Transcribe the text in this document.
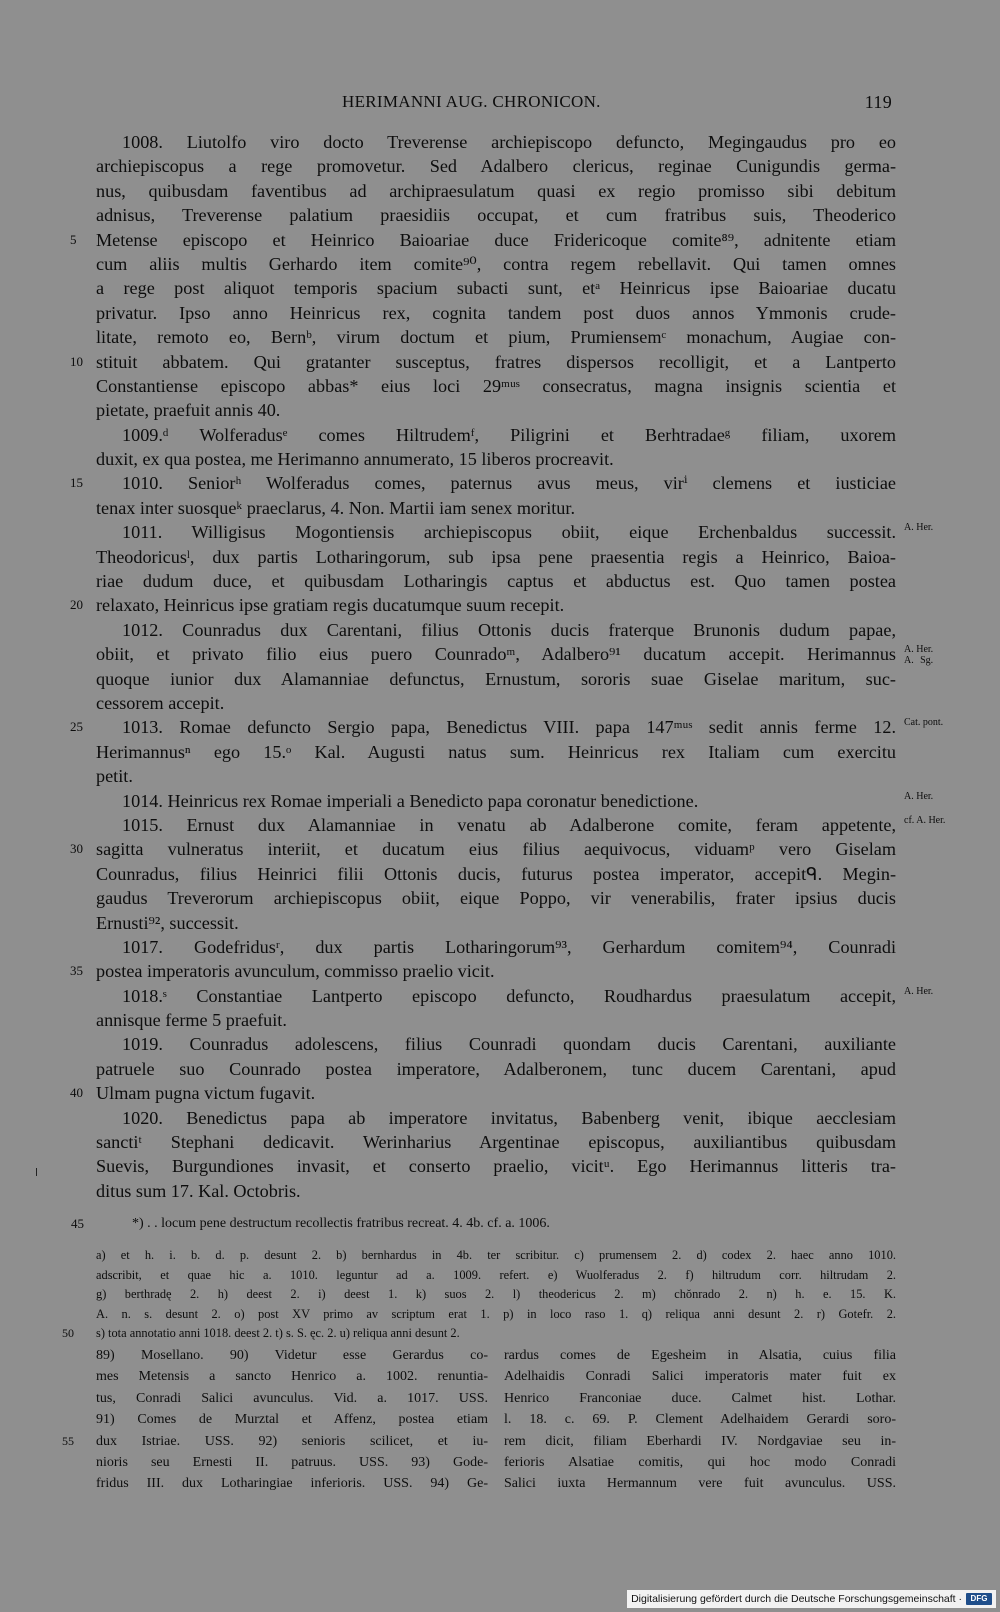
HERIMANNI AUG. CHRONICON.	119
1008. Liutolfo viro docto Treverense archiepiscopo defuncto, Megingaudus pro eo
archiepiscopus a rege promovetur. Sed Adalbero clericus, reginae Cunigundis germa-
nus, quibusdam faventibus ad archipraesulatum quasi ex regio promisso sibi debitum
adnisus, Treverense palatium praesidiis occupat, et cum fratribus suis, Theoderico
Metense episcopo et Heinrico Baioariae duce Fridericoque comite⁸⁹, adnitente etiam
5
cum aliis multis Gerhardo item comite⁹⁰, contra regem rebellavit. Qui tamen omnes
a rege post aliquot temporis spacium subacti sunt, etᵃ Heinricus ipse Baioariae ducatu
privatur. Ipso anno Heinricus rex, cognita tandem post duos annos Ymmonis crude-
litate, remoto eo, Bernᵇ, virum doctum et pium, Prumiensemᶜ monachum, Augiae con-
stituit abbatem. Qui gratanter susceptus, fratres dispersos recolligit, et a Lantperto
10
Constantiense episcopo abbas* eius loci 29ᵐᵘˢ consecratus, magna insignis scientia et
pietate, praefuit annis 40.
1009.ᵈ Wolferadusᵉ comes Hiltrudemᶠ, Piligrini et Berhtradaeᵍ filiam, uxorem
duxit, ex qua postea, me Herimanno annumerato, 15 liberos procreavit.
1010. Seniorʰ Wolferadus comes, paternus avus meus, virⁱ clemens et iusticiae
15
tenax inter suosqueᵏ praeclarus, 4. Non. Martii iam senex moritur.
1011. Willigisus Mogontiensis archiepiscopus obiit, eique Erchenbaldus successit. A. Her.
Theodoricusˡ, dux partis Lotharingorum, sub ipsa pene praesentia regis a Heinrico, Baioa-
riae dudum duce, et quibusdam Lotharingis captus et abductus est. Quo tamen postea
relaxato, Heinricus ipse gratiam regis ducatumque suum recepit.
20
1012. Counradus dux Carentani, filius Ottonis ducis fraterque Brunonis dudum papae,
obiit, et privato filio eius puero Counradoᵐ, Adalbero⁹¹ ducatum accepit. Herimannus A. Her.
A. Sg.
quoque iunior dux Alamanniae defunctus, Ernustum, sororis suae Giselae maritum, suc-
cessorem accepit.
1013. Romae defuncto Sergio papa, Benedictus VIII. papa 147ᵐᵘˢ sedit annis ferme 12.
25	Cat. pont.
Herimannusⁿ ego 15.ᵒ Kal. Augusti natus sum. Heinricus rex Italiam cum exercitu
petit.
1014. Heinricus rex Romae imperiali a Benedicto papa coronatur benedictione.	A. Her.
1015. Ernust dux Alamanniae in venatu ab Adalberone comite, feram appetente, cf. A. Her.
sagitta vulneratus interiit, et ducatum eius filius aequivocus, viduamᵖ vero Giselam
30
Counradus, filius Heinrici filii Ottonis ducis, futurus postea imperator, accepitᑫ. Megin-
gaudus Treverorum archiepiscopus obiit, eique Poppo, vir venerabilis, frater ipsius ducis
Ernusti⁹², successit.
1017. Godefridusʳ, dux partis Lotharingorum⁹³, Gerhardum comitem⁹⁴, Counradi
postea imperatoris avunculum, commisso praelio vicit.
35
1018.ˢ Constantiae Lantperto episcopo defuncto, Roudhardus praesulatum accepit, A. Her.
annisque ferme 5 praefuit.
1019. Counradus adolescens, filius Counradi quondam ducis Carentani, auxiliante
patruele suo Counrado postea imperatore, Adalberonem, tunc ducem Carentani, apud
Ulmam pugna victum fugavit.
40
1020. Benedictus papa ab imperatore invitatus, Babenberg venit, ibique aecclesiam
sanctiᵗ Stephani dedicavit. Werinharius Argentinae episcopus, auxiliantibus quibusdam
Suevis, Burgundiones invasit, et conserto praelio, vicitᵘ. Ego Herimannus litteris tra-
ditus sum 17. Kal. Octobris.
45	*) . . locum pene destructum recollectis fratribus recreat. 4. 4b. cf. a. 1006.
a) et h. i. b. d. p. desunt 2. b) bernhardus in 4b. ter scribitur. c) prumensem 2. d) codex 2. haec anno 1010.
adscribit, et quae hic a. 1010. leguntur ad a. 1009. refert. e) Wuolferadus 2. f) hiltrudum corr. hiltrudam 2.
g) berthradę 2. h) deest 2. i) deest 1. k) suos 2. l) theodericus 2. m) chŏnrado 2. n) h. e. 15. K.
A. n. s. desunt 2. o) post XV primo av scriptum erat 1. p) in loco raso 1. q) reliqua anni desunt 2. r) Gotefr. 2.
s) tota annotatio anni 1018. deest 2. t) s. S. ęc. 2. u) reliqua anni desunt 2.
50
89) Mosellano. 90) Videtur esse Gerardus co-
mes Metensis a sancto Henrico a. 1002. renuntia-
tus, Conradi Salici avunculus. Vid. a. 1017. USS.
91) Comes de Murztal et Affenz, postea etiam
dux Istriae. USS. 92) senioris scilicet, et iu-
55
nioris seu Ernesti II. patruus. USS. 93) Gode-
fridus III. dux Lotharingiae inferioris. USS. 94) Ge-
rardus comes de Egesheim in Alsatia, cuius filia
Adelhaidis Conradi Salici imperatoris mater fuit ex
Henrico Franconiae duce. Calmet hist. Lothar.
l. 18. c. 69. P. Clement Adelhaidem Gerardi soro-
rem dicit, filiam Eberhardi IV. Nordgaviae seu in-
ferioris Alsatiae comitis, qui hoc modo Conradi
Salici iuxta Hermannum vere fuit avunculus. USS.
Digitalisierung gefördert durch die Deutsche Forschungsgemeinschaft ·	DFG
